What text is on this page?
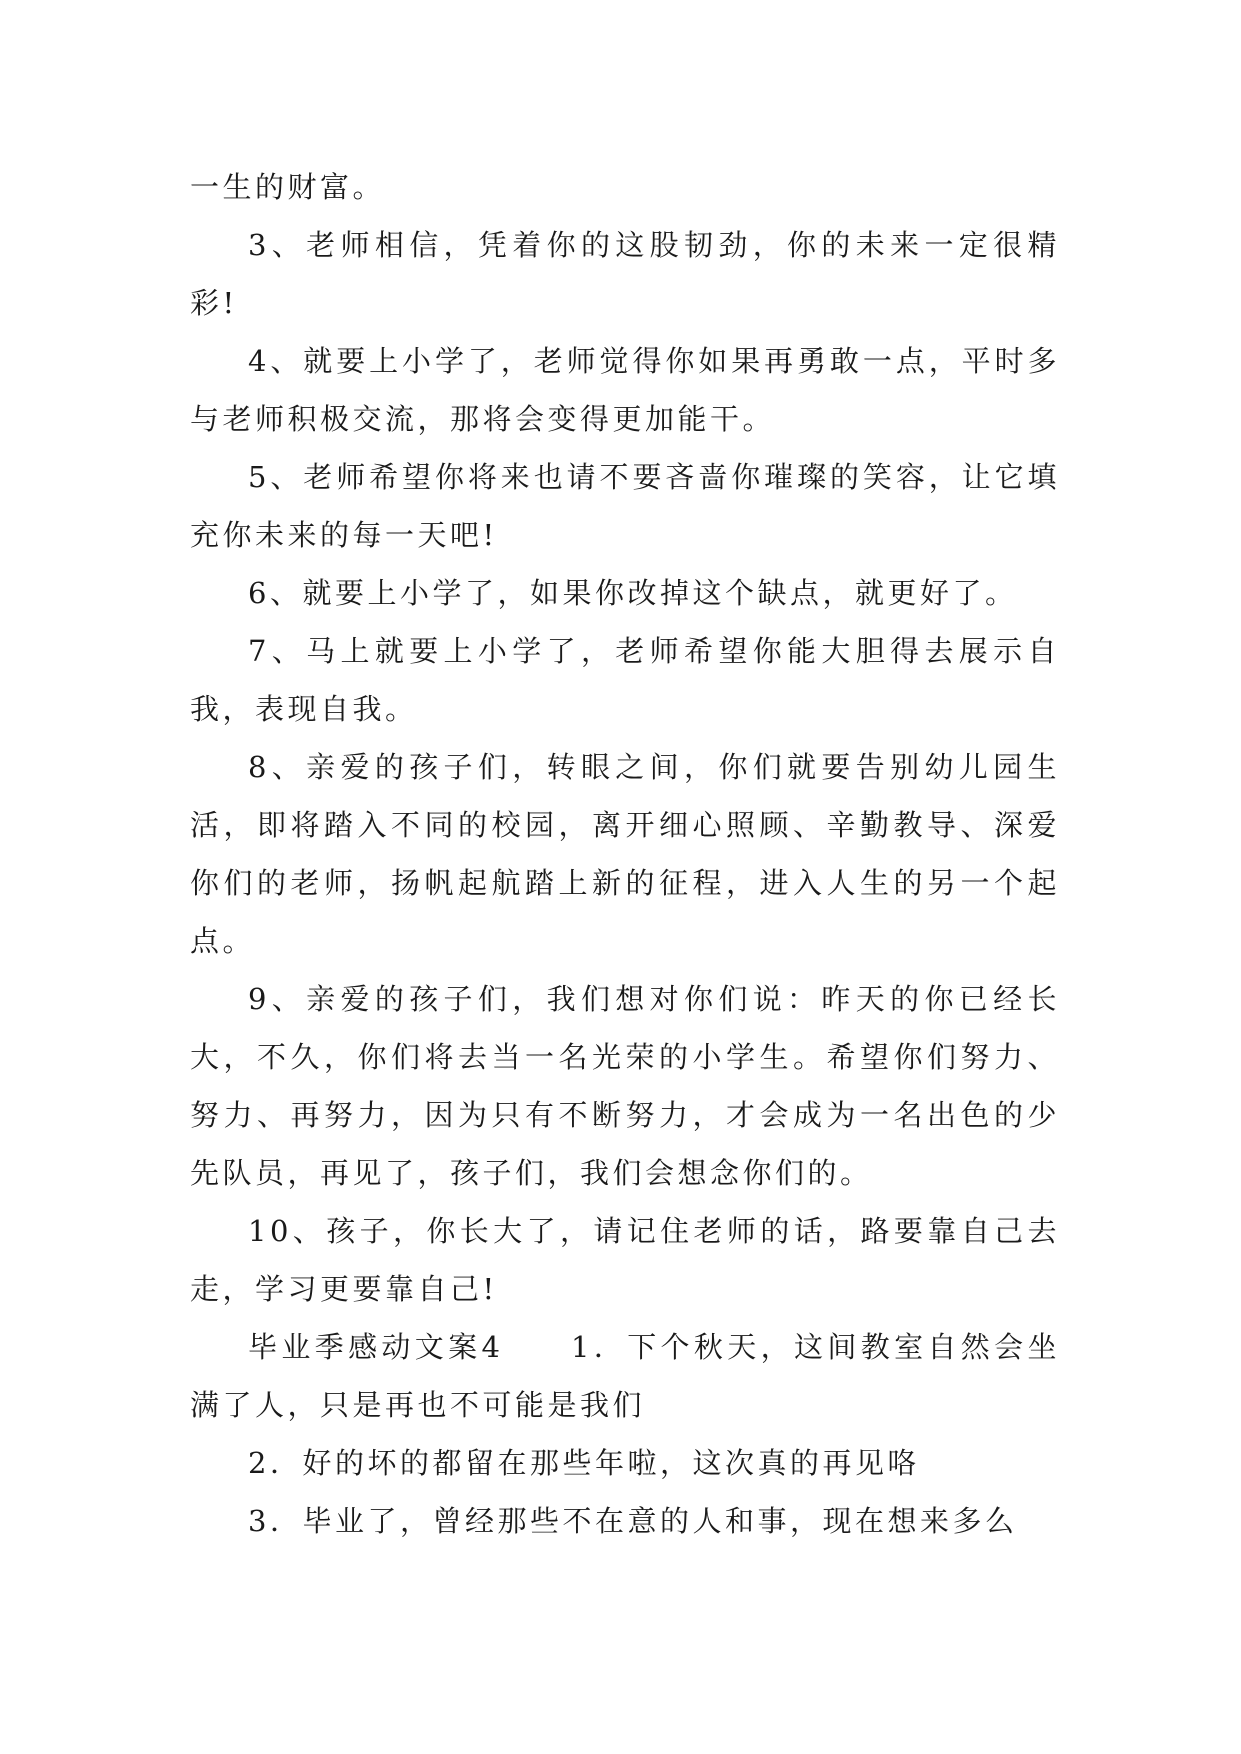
一生的财富。

3、老师相信，凭着你的这股韧劲，你的未来一定很精彩!

4、就要上小学了，老师觉得你如果再勇敢一点，平时多与老师积极交流，那将会变得更加能干。

5、老师希望你将来也请不要吝啬你璀璨的笑容，让它填充你未来的每一天吧!

6、就要上小学了，如果你改掉这个缺点，就更好了。

7、马上就要上小学了，老师希望你能大胆得去展示自我，表现自我。

8、亲爱的孩子们，转眼之间，你们就要告别幼儿园生活，即将踏入不同的校园，离开细心照顾、辛勤教导、深爱你们的老师，扬帆起航踏上新的征程，进入人生的另一个起点。

9、亲爱的孩子们，我们想对你们说：昨天的你已经长大，不久，你们将去当一名光荣的小学生。希望你们努力、努力、再努力，因为只有不断努力，才会成为一名出色的少先队员，再见了，孩子们，我们会想念你们的。

10、孩子，你长大了，请记住老师的话，路要靠自己去走，学习更要靠自己!

毕业季感动文案4　　1．下个秋天，这间教室自然会坐满了人，只是再也不可能是我们

2．好的坏的都留在那些年啦，这次真的再见咯

3．毕业了，曾经那些不在意的人和事，现在想来多么
